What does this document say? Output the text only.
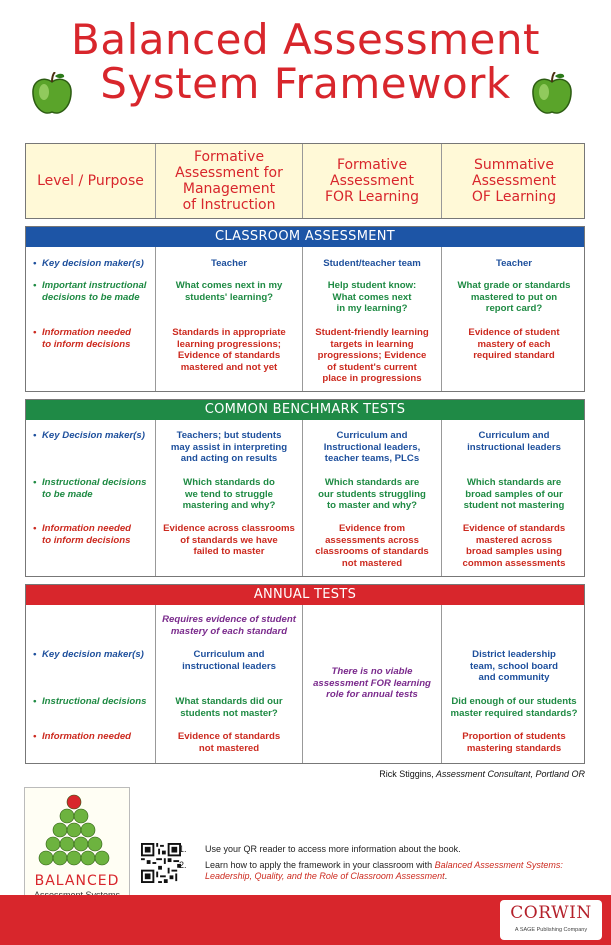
Balanced Assessment
System Framework
Level / Purpose
Formative
Assessment for
Management
of Instruction
Formative
Assessment
FOR Learning
Summative
Assessment
OF Learning
CLASSROOM ASSESSMENT
• Key decision maker(s)
• Important instructional
decisions to be made
• Information needed
to inform decisions
Teacher
What comes next in my
students' learning?
Standards in appropriate
learning progressions;
Evidence of standards
mastered and not yet
Student/teacher team
Help student know:
What comes next
in my learning?
Student-friendly learning
targets in learning
progressions; Evidence
of student's current
place in progressions
Teacher
What grade or standards
mastered to put on
report card?
Evidence of student
mastery of each
required standard
COMMON BENCHMARK TESTS
• Key Decision maker(s)
• Instructional decisions
to be made
• Information needed
to inform decisions
Teachers; but students
may assist in interpreting
and acting on results
Which standards do
we tend to struggle
mastering and why?
Evidence across classrooms
of standards we have
failed to master
Curriculum and
Instructional leaders,
teacher teams, PLCs
Which standards are
our students struggling
to master and why?
Evidence from
assessments across
classrooms of standards
not mastered
Curriculum and
instructional leaders
Which standards are
broad samples of our
student not mastering
Evidence of standards
mastered across
broad samples using
common assessments
ANNUAL TESTS
• Key decision maker(s)
• Instructional decisions
• Information needed
Requires evidence of student
mastery of each standard
Curriculum and
instructional leaders
What standards did our
students not master?
Evidence of standards
not mastered
There is no viable
assessment FOR learning
role for annual tests
District leadership
team, school board
and community
Did enough of our students
master required standards?
Proportion of students
mastering standards
Rick Stiggins, Assessment Consultant, Portland OR
BALANCED
1. Use your QR reader to access more information about the book.
2. Learn how to apply the framework in your classroom with Balanced Assessment Systems: Leadership, Quality, and the Role of Classroom Assessment.
CORWIN
A SAGE Publishing Company
